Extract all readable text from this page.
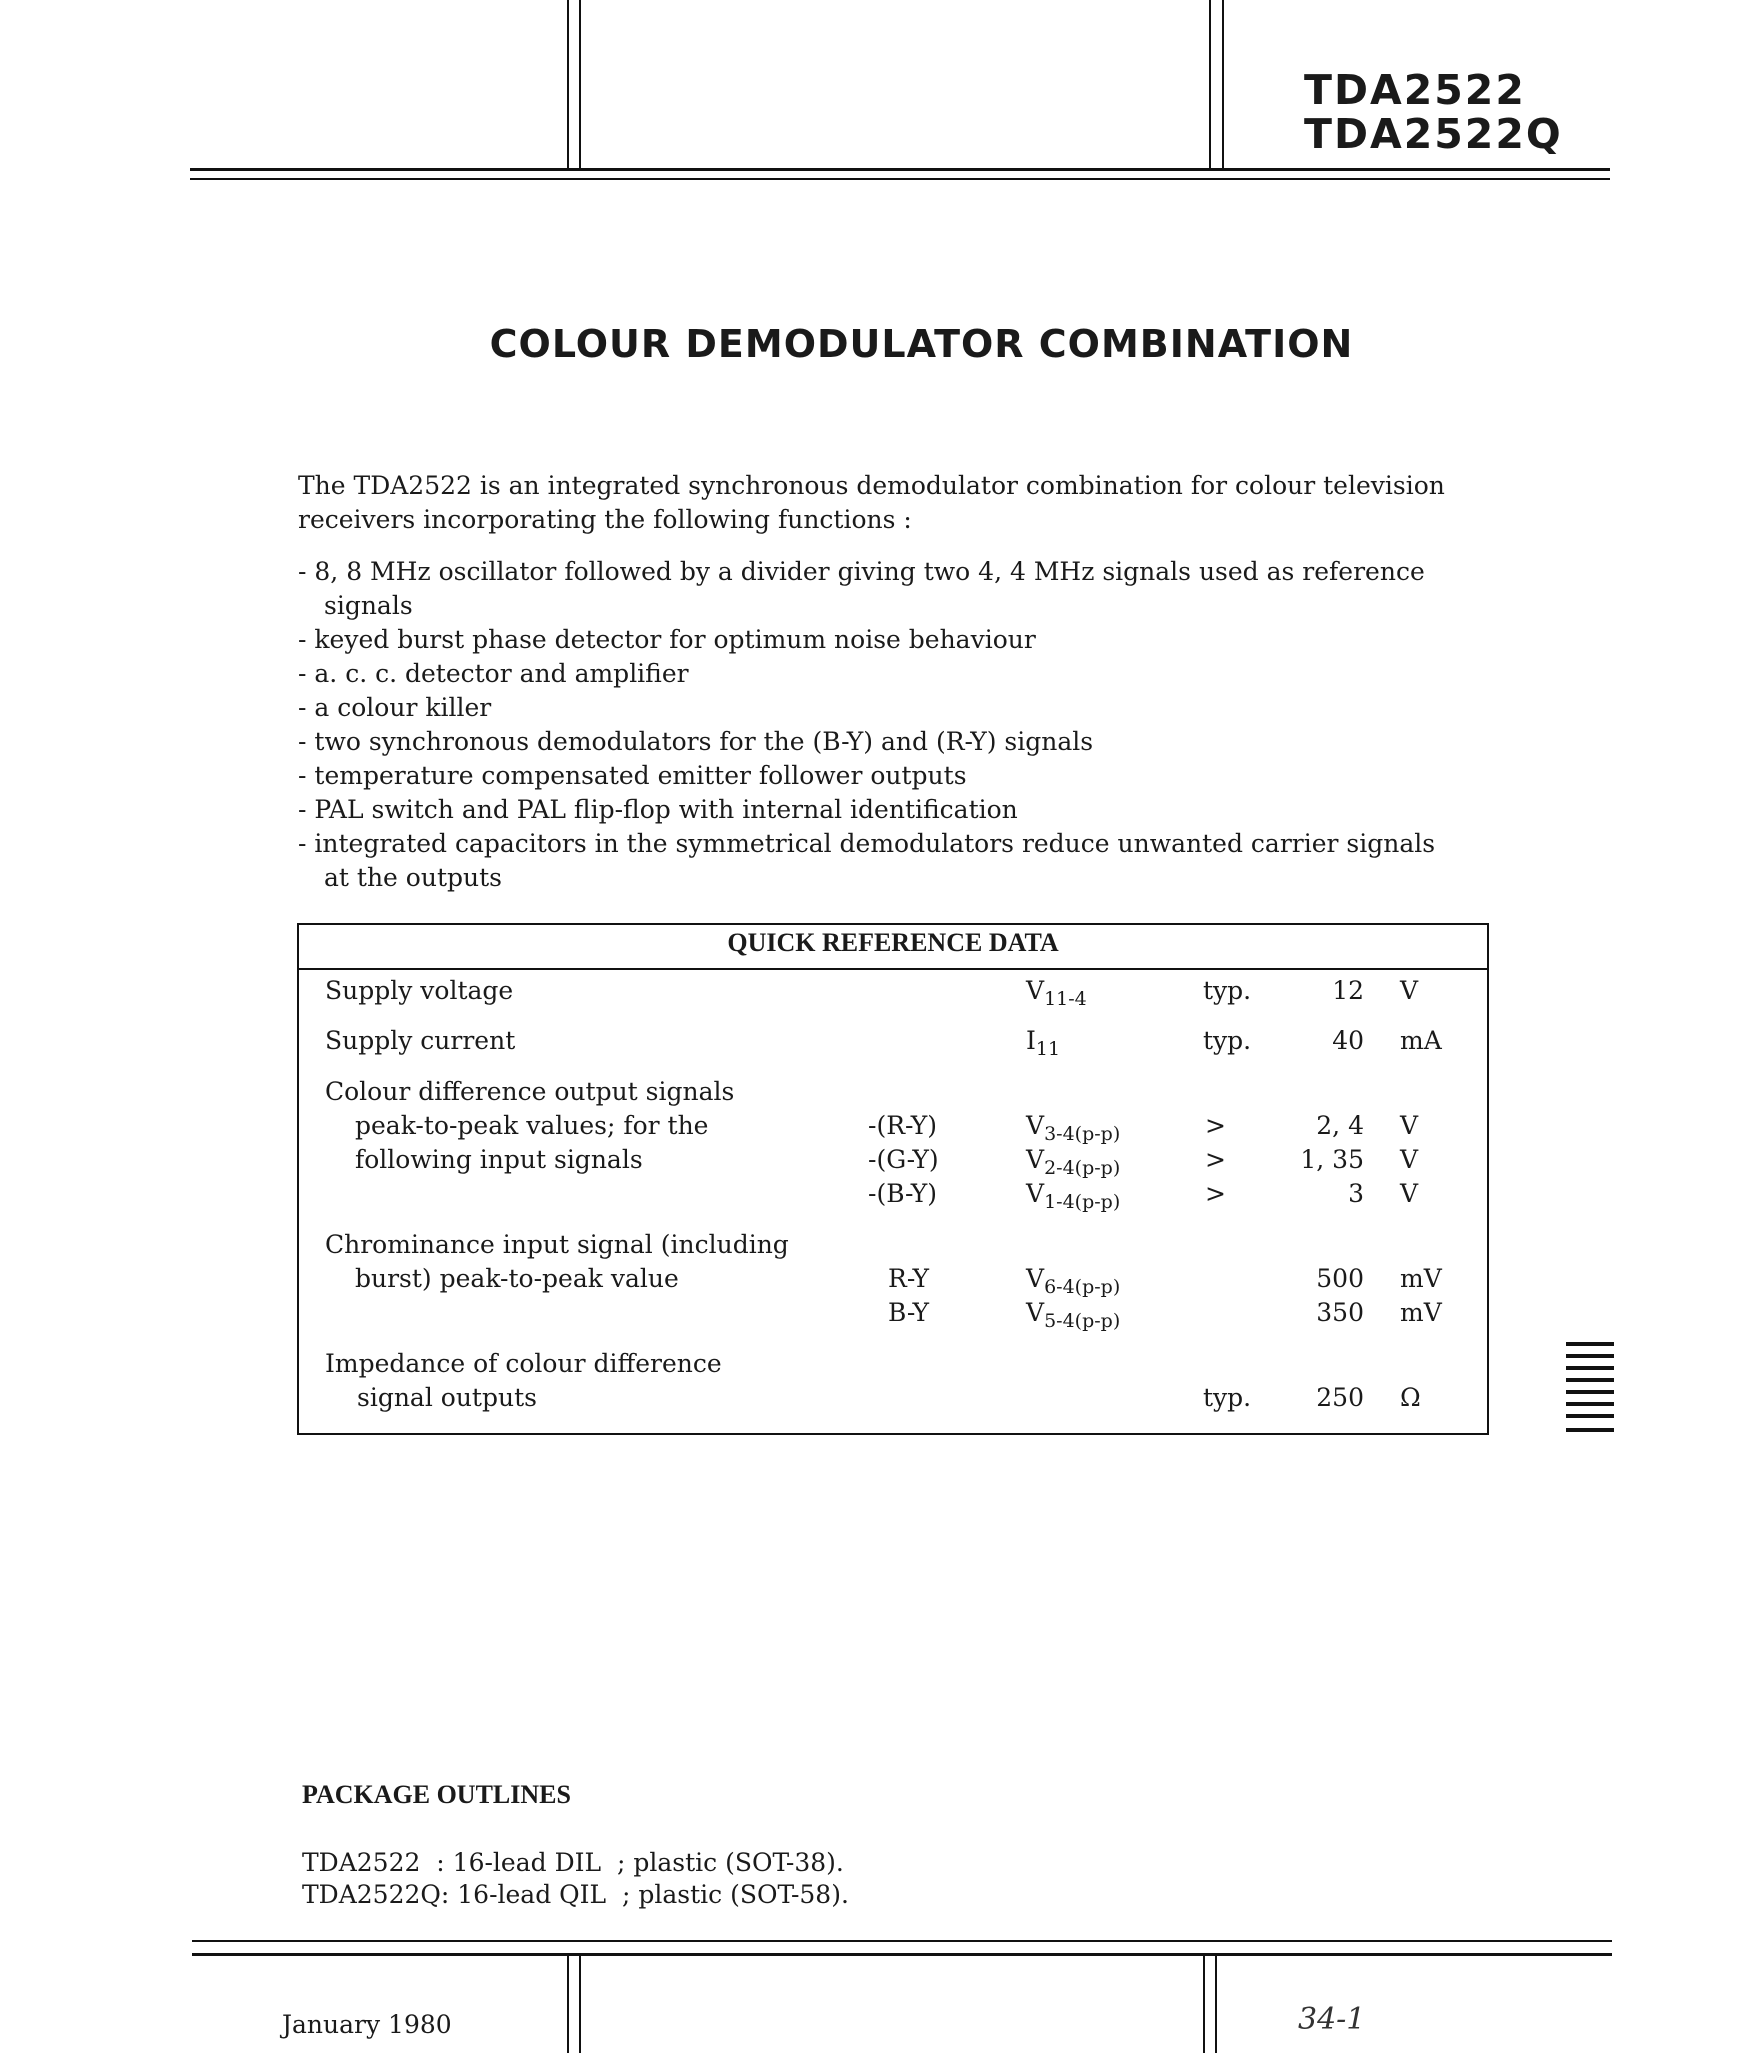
TDA2522
TDA2522Q
COLOUR DEMODULATOR COMBINATION
The TDA2522 is an integrated synchronous demodulator combination for colour television
receivers incorporating the following functions :
- 8, 8 MHz oscillator followed by a divider giving two 4, 4 MHz signals used as reference
signals
- keyed burst phase detector for optimum noise behaviour
- a. c. c. detector and amplifier
- a colour killer
- two synchronous demodulators for the (B-Y) and (R-Y) signals
- temperature compensated emitter follower outputs
- PAL switch and PAL flip-flop with internal identification
- integrated capacitors in the symmetrical demodulators reduce unwanted carrier signals
at the outputs
QUICK REFERENCE DATA
Supply voltage	$V_{11-4}$	typ.	12 V
Supply current	$I_{11}$	typ.	40 mA
Colour difference output signals
peak-to-peak values; for the
following input signals
-(R-Y)	$V_{3-4(p-p)}$	>	2, 4 V
-(G-Y)	$V_{2-4(p-p)}$	>	1, 35 V
-(B-Y)	$V_{1-4(p-p)}$	>	3 V
Chrominance input signal (including
burst) peak-to-peak value	R-Y	$V_{6-4(p-p)}$	500 mV
B-Y	$V_{5-4(p-p)}$	350 mV
Impedance of colour difference
signal outputs	typ.	250 Ω
PACKAGE OUTLINES
TDA2522  : 16-lead DIL  ; plastic (SOT-38).
TDA2522Q: 16-lead QIL  ; plastic (SOT-58).
January 1980	34-1
